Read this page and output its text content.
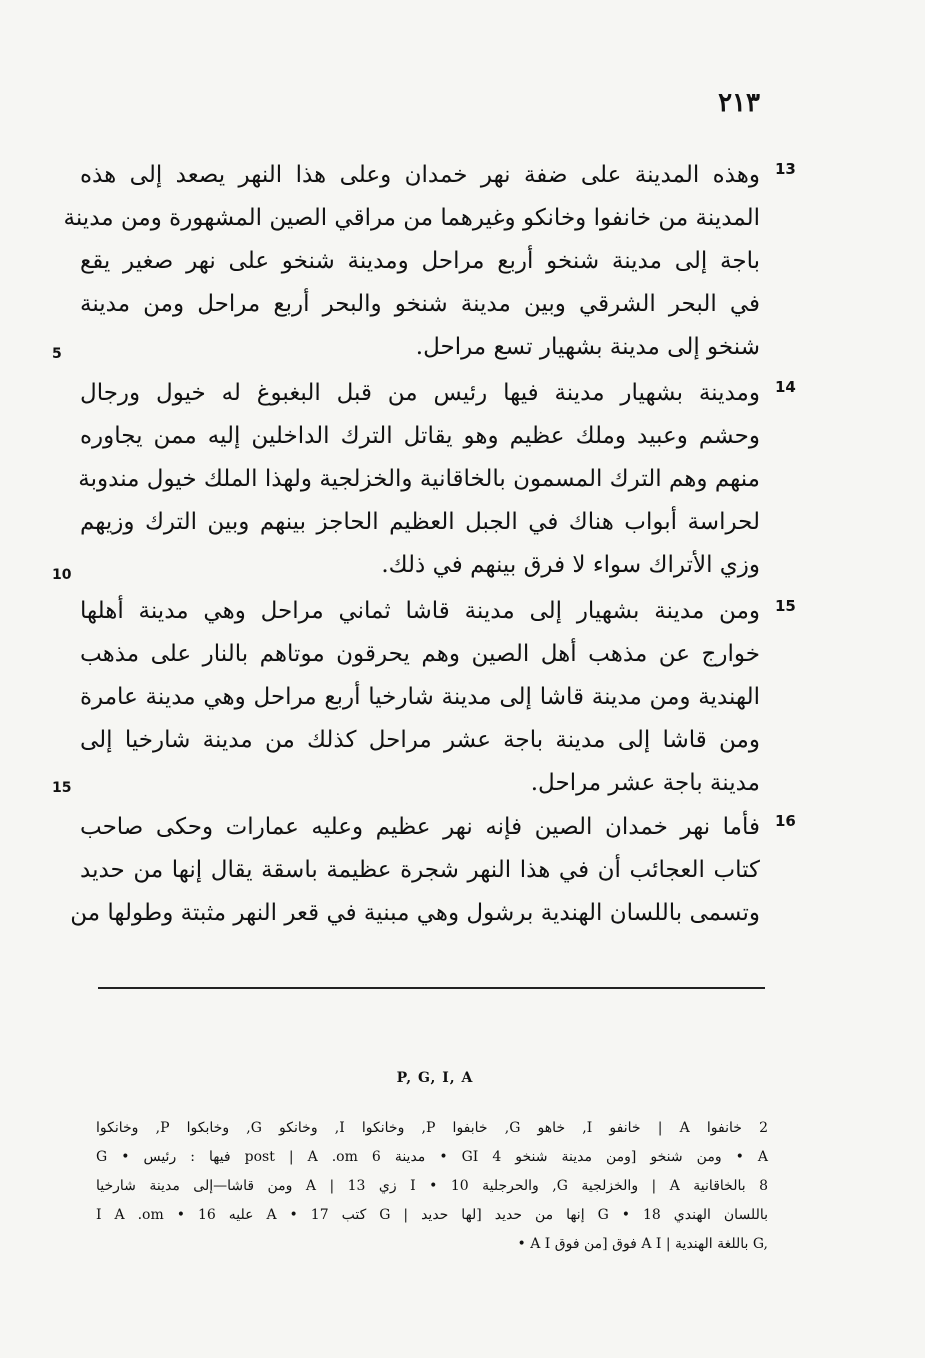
٢١٣
13
وهذه المدينة على ضفة نهر خمدان وعلى هذا النهر يصعد إلى هذه
المدينة من خانفوا وخانكو وغيرهما من مراقي الصين المشهورة ومن مدينة
باجة إلى مدينة شنخو أربع مراحل ومدينة شنخو على نهر صغير يقع
في البحر الشرقي وبين مدينة شنخو والبحر أربع مراحل ومن مدينة
شنخو إلى مدينة بشهيار تسع مراحل.
5
14
ومدينة بشهيار مدينة فيها رئيس من قبل البغبوغ له خيول ورجال
وحشم وعبيد وملك عظيم وهو يقاتل الترك الداخلين إليه ممن يجاوره
منهم وهم الترك المسمون بالخاقانية والخزلجية ولهذا الملك خيول مندوبة
لحراسة أبواب هناك في الجبل العظيم الحاجز بينهم وبين الترك وزيهم
وزي الأتراك سواء لا فرق بينهم في ذلك.
10
15
ومن مدينة بشهيار إلى مدينة قاشا ثماني مراحل وهي مدينة أهلها
خوارج عن مذهب أهل الصين وهم يحرقون موتاهم بالنار على مذهب
الهندية ومن مدينة قاشا إلى مدينة شارخيا أربع مراحل وهي مدينة عامرة
ومن قاشا إلى مدينة باجة عشر مراحل كذلك من مدينة شارخيا إلى
مدينة باجة عشر مراحل.
15
16
فأما نهر خمدان الصين فإنه نهر عظيم وعليه عمارات وحكى صاحب
كتاب العجائب أن في هذا النهر شجرة عظيمة باسقة يقال إنها من حديد
وتسمى باللسان الهندية برشول وهي مبنية في قعر النهر مثبتة وطولها من
P, G, I, A
2 خانفوا A | خانفو I, خاهو G, خابفوا P, وخانكوا I, وخانكو G, وخابكوا P, وخانكوا
G • فيها : رئيس post | A .om مدينة 6 • GI ومن شنخو [ومن مدينة شنخو 4 • A
8 بالخاقانية A | والخزلجية G, والحرجلية I • 10 زي A | 13 ومن قاشا—إلى مدينة شارخيا
I A .om • 16 عليه A • 17 كتب G | إنها من حديد [لها حديد G • 18 باللسان الهندي
• A I فوق [من فوق A I | باللغة الهندية G,
